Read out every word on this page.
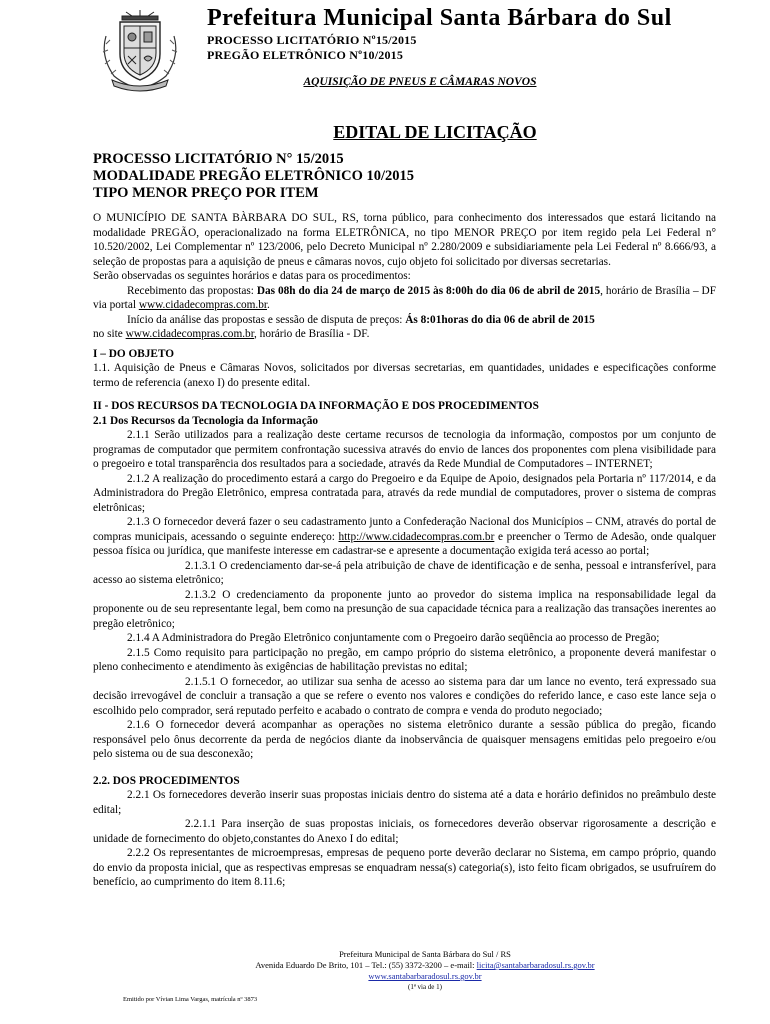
Prefeitura Municipal Santa Bárbara do Sul
PROCESSO LICITATÓRIO Nº15/2015
PREGÃO ELETRÔNICO Nº10/2015
AQUISIÇÃO DE PNEUS E CÂMARAS NOVOS
EDITAL DE LICITAÇÃO
PROCESSO LICITATÓRIO N° 15/2015
MODALIDADE PREGÃO ELETRÔNICO 10/2015
TIPO MENOR PREÇO POR ITEM

O MUNICÍPIO DE SANTA BÀRBARA DO SUL, RS, torna público, para conhecimento dos interessados que estará licitando na modalidade PREGÃO, operacionalizado na forma ELETRÔNICA, no tipo MENOR PREÇO por item regido pela Lei Federal n° 10.520/2002, Lei Complementar nº 123/2006, pelo Decreto Municipal nº 2.280/2009 e subsidiariamente pela Lei Federal nº 8.666/93, a seleção de propostas para a aquisição de pneus e câmaras novos, cujo objeto foi solicitado por diversas secretarias.

Serão observadas os seguintes horários e datas para os procedimentos:

Recebimento das propostas: Das 08h do dia 24 de março de 2015 às 8:00h do dia 06 de abril de 2015, horário de Brasília – DF via portal www.cidadecompras.com.br.

Início da análise das propostas e sessão de disputa de preços: Ás 8:01horas do dia 06 de abril de 2015

no site www.cidadecompras.com.br, horário de Brasília - DF.

I – DO OBJETO

1.1. Aquisição de Pneus e Câmaras Novos, solicitados por diversas secretarias, em quantidades, unidades e especificações conforme termo de referencia (anexo I) do presente edital.

II - DOS RECURSOS DA TECNOLOGIA DA INFORMAÇÃO E DOS PROCEDIMENTOS

2.1 Dos Recursos da Tecnologia da Informação

2.1.1 Serão utilizados para a realização deste certame recursos de tecnologia da informação, compostos por um conjunto de programas de computador que permitem confrontação sucessiva através do envio de lances dos proponentes com plena visibilidade para o pregoeiro e total transparência dos resultados para a sociedade, através da Rede Mundial de Computadores – INTERNET;

2.1.2 A realização do procedimento estará a cargo do Pregoeiro e da Equipe de Apoio, designados pela Portaria nº 117/2014, e da Administradora do Pregão Eletrônico, empresa contratada para, através da rede mundial de computadores, prover o sistema de compras eletrônicas;

2.1.3 O fornecedor deverá fazer o seu cadastramento junto a Confederação Nacional dos Municípios – CNM, através do portal de compras municipais, acessando o seguinte endereço: http://www.cidadecompras.com.br e preencher o Termo de Adesão, onde qualquer pessoa física ou jurídica, que manifeste interesse em cadastrar-se e apresente a documentação exigida terá acesso ao portal;

2.1.3.1 O credenciamento dar-se-á pela atribuição de chave de identificação e de senha, pessoal e intransferível, para acesso ao sistema eletrônico;

2.1.3.2 O credenciamento da proponente junto ao provedor do sistema implica na responsabilidade legal da proponente ou de seu representante legal, bem como na presunção de sua capacidade técnica para a realização das transações inerentes ao pregão eletrônico;

2.1.4 A Administradora do Pregão Eletrônico conjuntamente com o Pregoeiro darão seqüência ao processo de Pregão;

2.1.5 Como requisito para participação no pregão, em campo próprio do sistema eletrônico, a proponente deverá manifestar o pleno conhecimento e atendimento às exigências de habilitação previstas no edital;

2.1.5.1 O fornecedor, ao utilizar sua senha de acesso ao sistema para dar um lance no evento, terá expressado sua decisão irrevogável de concluir a transação a que se refere o evento nos valores e condições do referido lance, e caso este lance seja o escolhido pelo comprador, será reputado perfeito e acabado o contrato de compra e venda do produto negociado;

2.1.6 O fornecedor deverá acompanhar as operações no sistema eletrônico durante a sessão pública do pregão, ficando responsável pelo ônus decorrente da perda de negócios diante da inobservância de quaisquer mensagens emitidas pelo pregoeiro e/ou pelo sistema ou de sua desconexão;

2.2. DOS PROCEDIMENTOS

2.2.1 Os fornecedores deverão inserir suas propostas iniciais dentro do sistema até a data e horário definidos no preâmbulo deste edital;

2.2.1.1 Para inserção de suas propostas iniciais, os fornecedores deverão observar rigorosamente a descrição e unidade de fornecimento do objeto,constantes do Anexo I do edital;

2.2.2 Os representantes de microempresas, empresas de pequeno porte deverão declarar no Sistema, em campo próprio, quando do envio da proposta inicial, que as respectivas empresas se enquadram nessa(s) categoria(s), isto feito ficam obrigados, se usufruírem do benefício, ao cumprimento do item 8.11.6;

Prefeitura Municipal de Santa Bárbara do Sul / RS
Avenida Eduardo De Brito, 101 – Tel.: (55) 3372-3200 – e-mail: licita@santabarbaradosul.rs.gov.br
www.santabarbaradosul.rs.gov.br
(1ª via de 1)
Emitido por Vívian Lima Vargas, matrícula nº 3873
